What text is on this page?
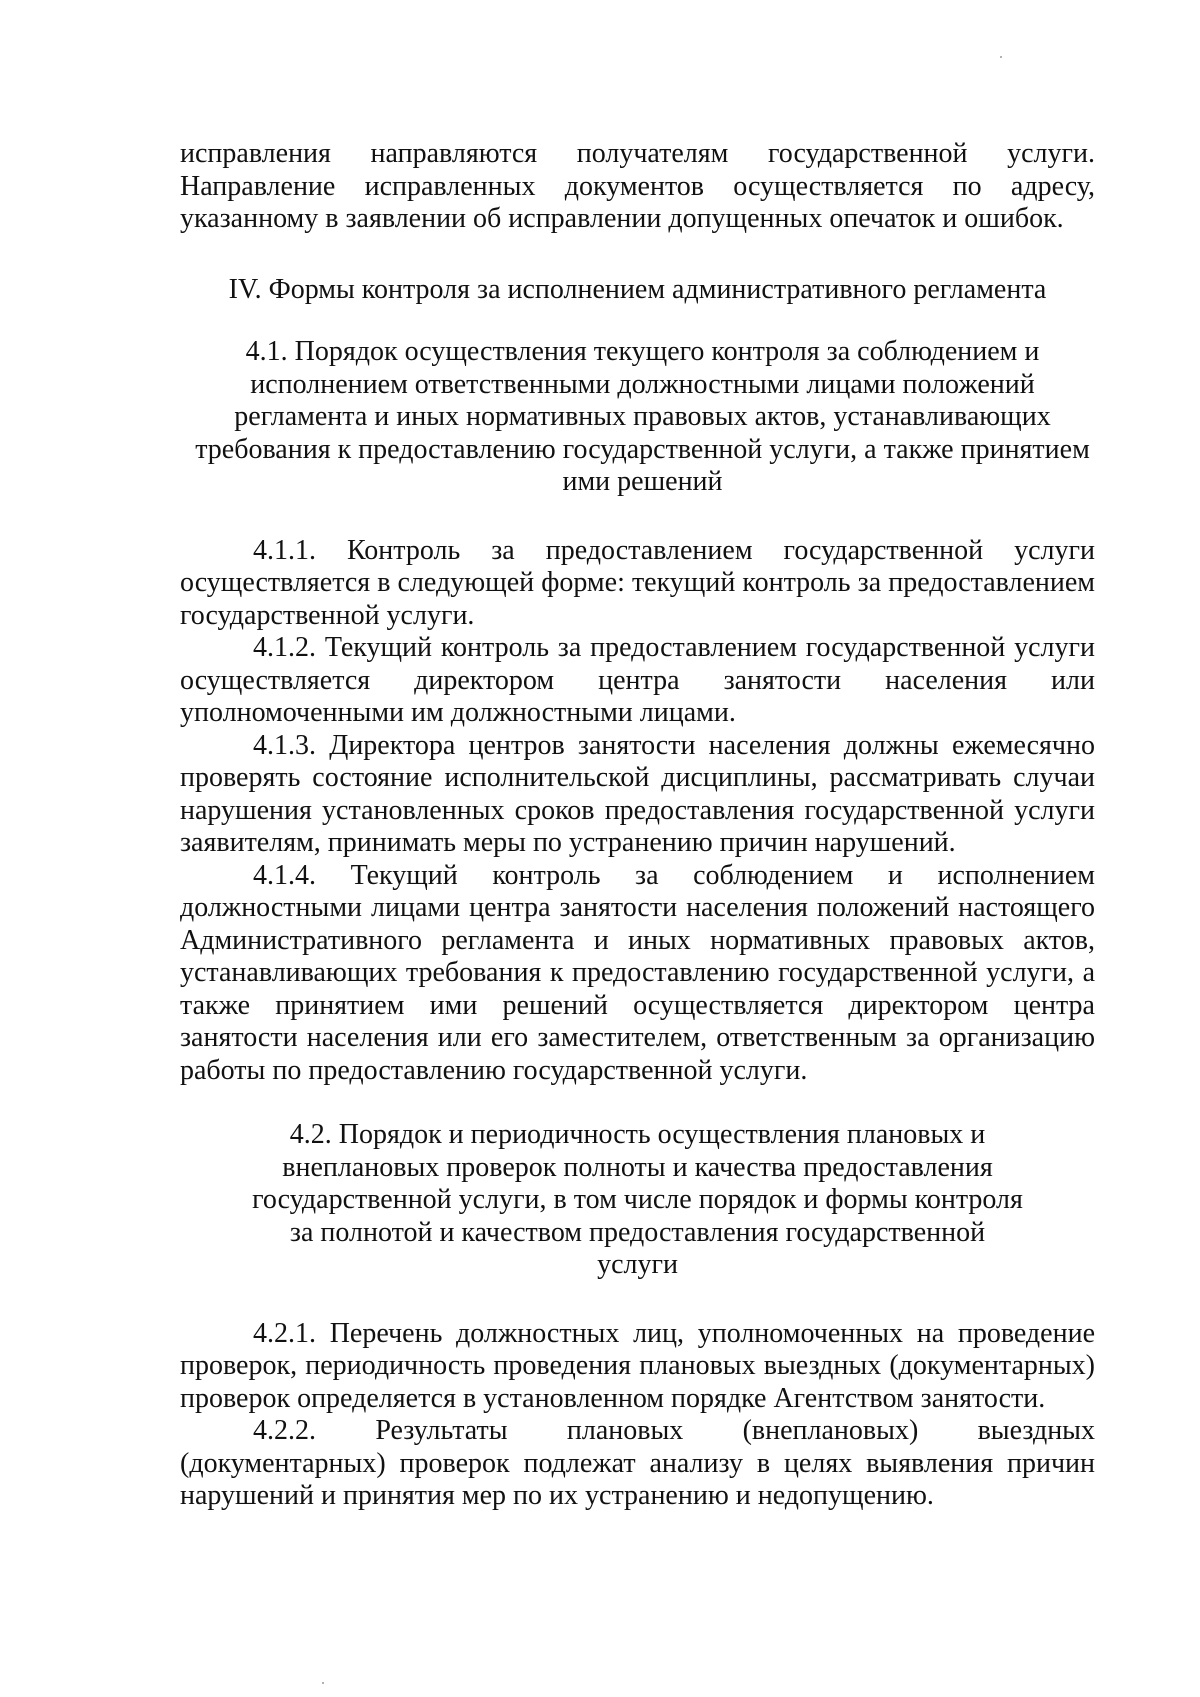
исправления направляются получателям государственной услуги. Направление исправленных документов осуществляется по адресу, указанному в заявлении об исправлении допущенных опечаток и ошибок.

IV. Формы контроля за исполнением административного регламента

4.1. Порядок осуществления текущего контроля за соблюдением и исполнением ответственными должностными лицами положений регламента и иных нормативных правовых актов, устанавливающих требования к предоставлению государственной услуги, а также принятием ими решений

4.1.1. Контроль за предоставлением государственной услуги осуществляется в следующей форме: текущий контроль за предоставлением государственной услуги.

4.1.2. Текущий контроль за предоставлением государственной услуги осуществляется директором центра занятости населения или уполномоченными им должностными лицами.

4.1.3. Директора центров занятости населения должны ежемесячно проверять состояние исполнительской дисциплины, рассматривать случаи нарушения установленных сроков предоставления государственной услуги заявителям, принимать меры по устранению причин нарушений.

4.1.4. Текущий контроль за соблюдением и исполнением должностными лицами центра занятости населения положений настоящего Административного регламента и иных нормативных правовых актов, устанавливающих требования к предоставлению государственной услуги, а также принятием ими решений осуществляется директором центра занятости населения или его заместителем, ответственным за организацию работы по предоставлению государственной услуги.

4.2. Порядок и периодичность осуществления плановых и внеплановых проверок полноты и качества предоставления государственной услуги, в том числе порядок и формы контроля за полнотой и качеством предоставления государственной услуги

4.2.1. Перечень должностных лиц, уполномоченных на проведение проверок, периодичность проведения плановых выездных (документарных) проверок определяется в установленном порядке Агентством занятости.

4.2.2. Результаты плановых (внеплановых) выездных (документарных) проверок подлежат анализу в целях выявления причин нарушений и принятия мер по их устранению и недопущению.
